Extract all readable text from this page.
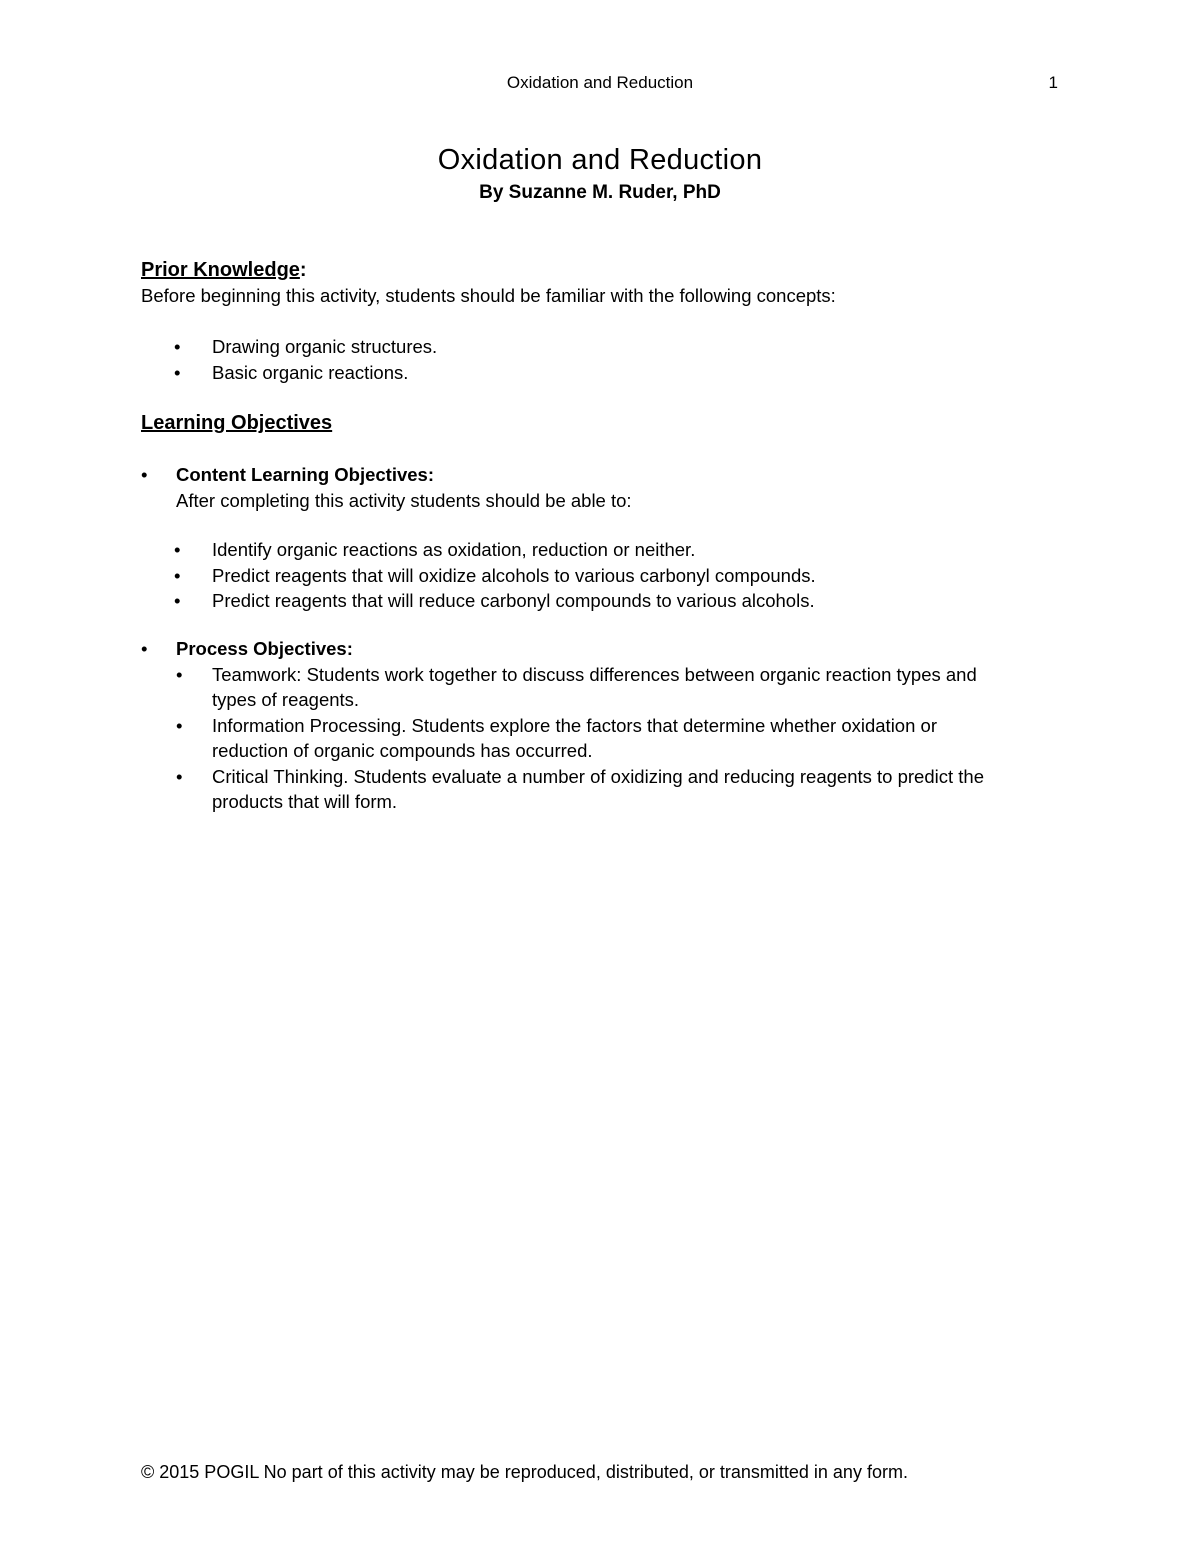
Oxidation and Reduction	1
Oxidation and Reduction
By Suzanne M. Ruder, PhD
Prior Knowledge:
Before beginning this activity, students should be familiar with the following concepts:
• Drawing organic structures.
• Basic organic reactions.
Learning Objectives
• Content Learning Objectives:
After completing this activity students should be able to:
• Identify organic reactions as oxidation, reduction or neither.
• Predict reagents that will oxidize alcohols to various carbonyl compounds.
• Predict reagents that will reduce carbonyl compounds to various alcohols.
• Process Objectives:
• Teamwork: Students work together to discuss differences between organic reaction types and types of reagents.
• Information Processing. Students explore the factors that determine whether oxidation or reduction of organic compounds has occurred.
• Critical Thinking. Students evaluate a number of oxidizing and reducing reagents to predict the products that will form.
© 2015 POGIL No part of this activity may be reproduced, distributed, or transmitted in any form.
